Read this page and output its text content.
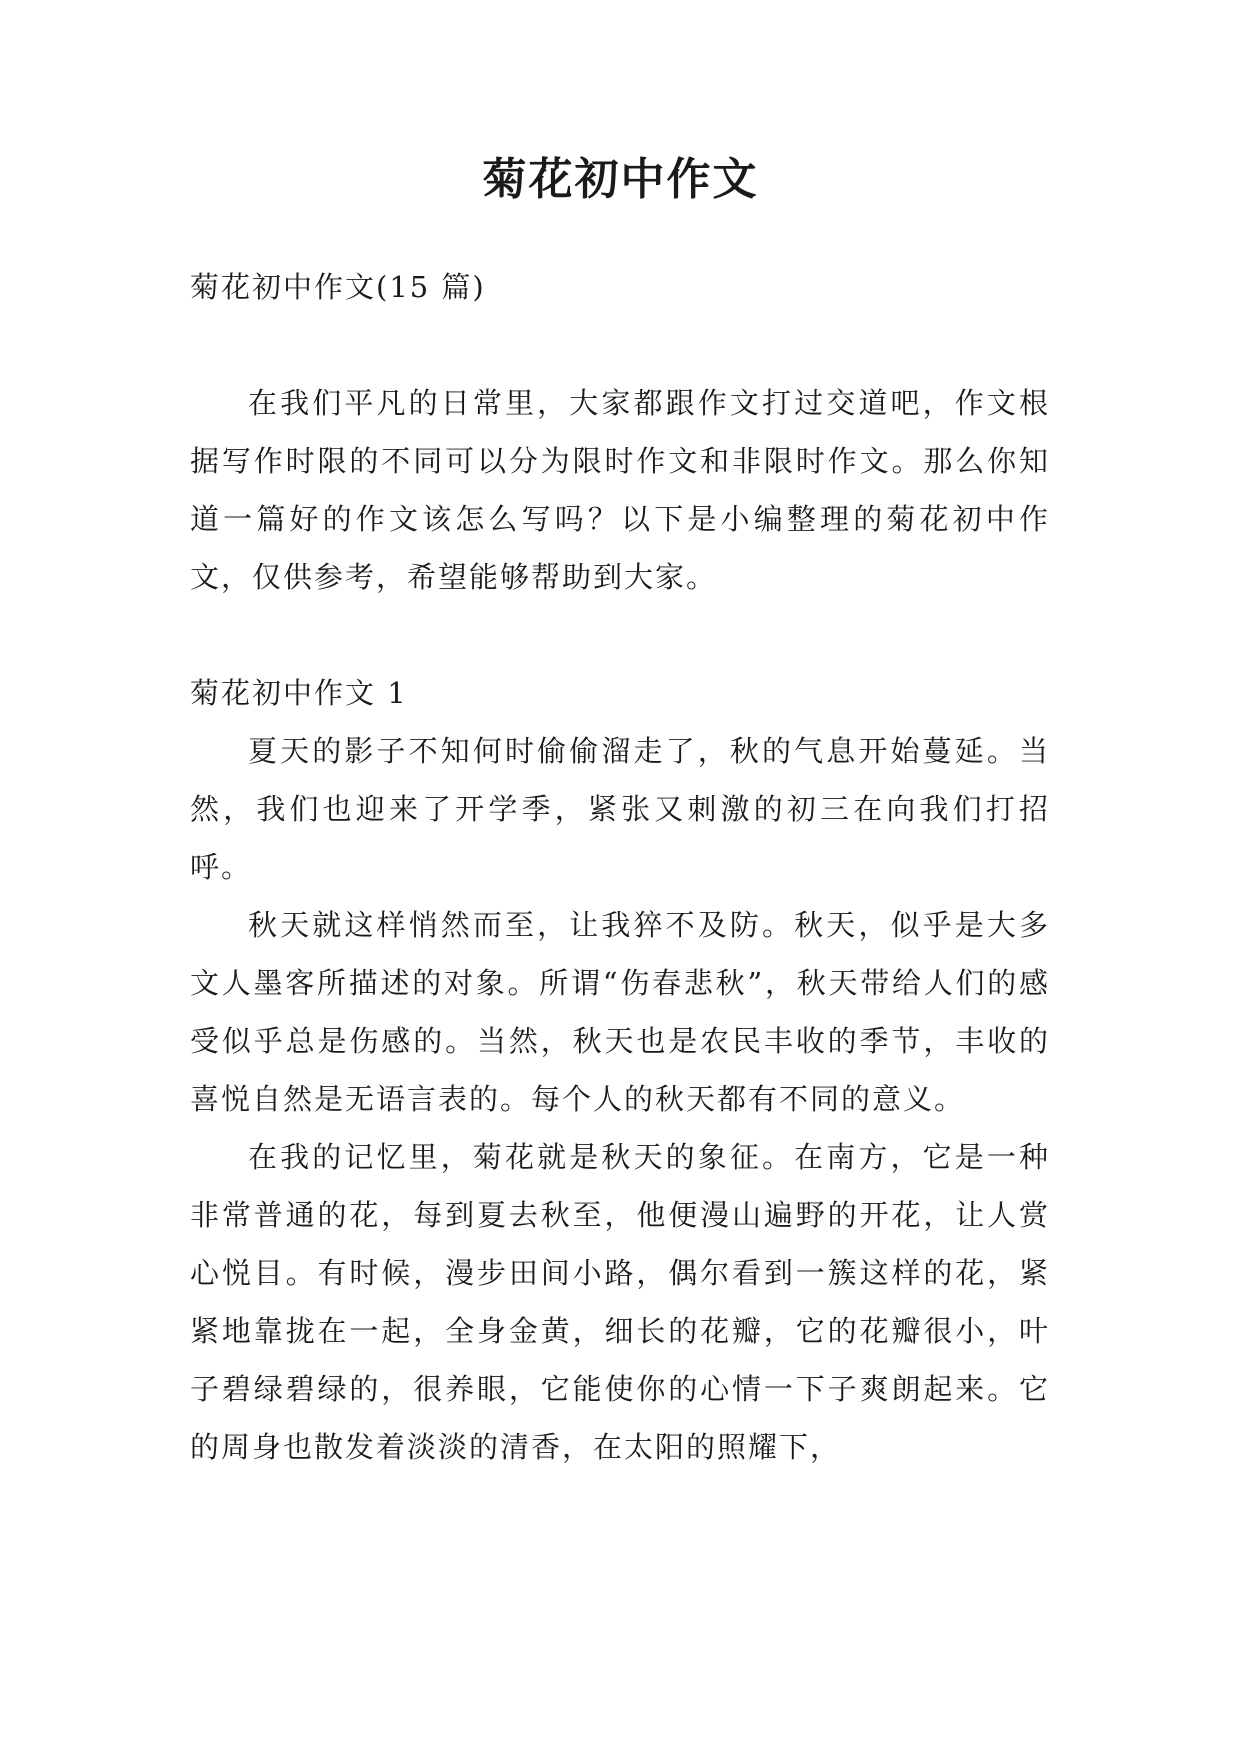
菊花初中作文

菊花初中作文(15 篇)

在我们平凡的日常里，大家都跟作文打过交道吧，作文根据写作时限的不同可以分为限时作文和非限时作文。那么你知道一篇好的作文该怎么写吗？以下是小编整理的菊花初中作文，仅供参考，希望能够帮助到大家。

菊花初中作文 1

夏天的影子不知何时偷偷溜走了，秋的气息开始蔓延。当然，我们也迎来了开学季，紧张又刺激的初三在向我们打招呼。

秋天就这样悄然而至，让我猝不及防。秋天，似乎是大多文人墨客所描述的对象。所谓“伤春悲秋”，秋天带给人们的感受似乎总是伤感的。当然，秋天也是农民丰收的季节，丰收的喜悦自然是无语言表的。每个人的秋天都有不同的意义。

在我的记忆里，菊花就是秋天的象征。在南方，它是一种非常普通的花，每到夏去秋至，他便漫山遍野的开花，让人赏心悦目。有时候，漫步田间小路，偶尔看到一簇这样的花，紧紧地靠拢在一起，全身金黄，细长的花瓣，它的花瓣很小，叶子碧绿碧绿的，很养眼，它能使你的心情一下子爽朗起来。它的周身也散发着淡淡的清香，在太阳的照耀下，
